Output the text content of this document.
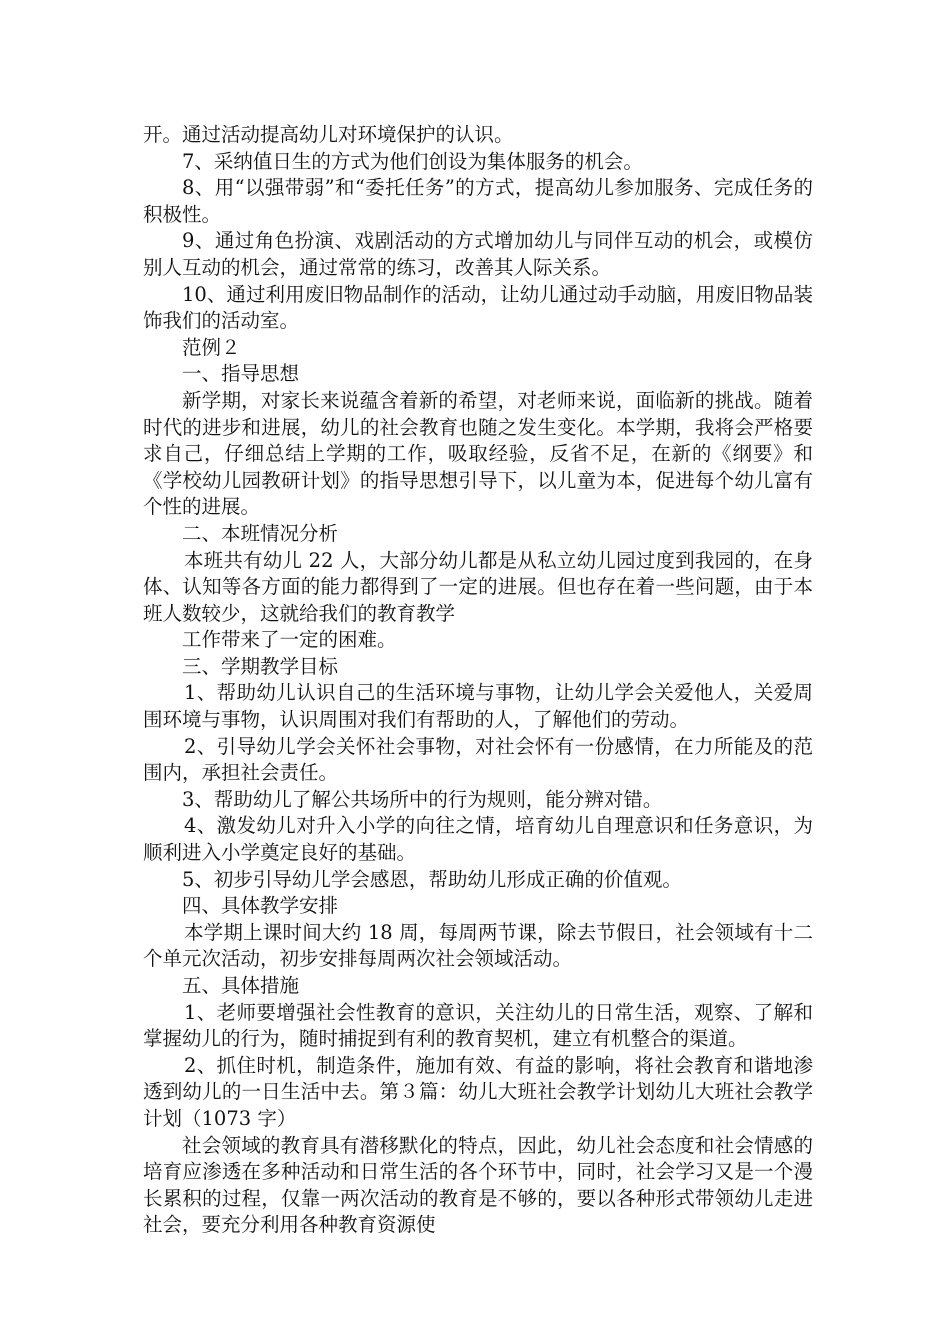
开。通过活动提高幼儿对环境保护的认识。

7、采纳值日生的方式为他们创设为集体服务的机会。

8、用“以强带弱”和“委托任务”的方式，提高幼儿参加服务、完成任务的积极性。

9、通过角色扮演、戏剧活动的方式增加幼儿与同伴互动的机会，或模仿别人互动的机会，通过常常的练习，改善其人际关系。

10、通过利用废旧物品制作的活动，让幼儿通过动手动脑，用废旧物品装饰我们的活动室。

范例２

一、指导思想

新学期，对家长来说蕴含着新的希望，对老师来说，面临新的挑战。随着时代的进步和进展，幼儿的社会教育也随之发生变化。本学期，我将会严格要求自己，仔细总结上学期的工作，吸取经验，反省不足，在新的《纲要》和《学校幼儿园教研计划》的指导思想引导下，以儿童为本，促进每个幼儿富有个性的进展。

二、本班情况分析

本班共有幼儿 22 人，大部分幼儿都是从私立幼儿园过度到我园的，在身体、认知等各方面的能力都得到了一定的进展。但也存在着一些问题，由于本班人数较少，这就给我们的教育教学

工作带来了一定的困难。

三、学期教学目标

1、帮助幼儿认识自己的生活环境与事物，让幼儿学会关爱他人，关爱周围环境与事物，认识周围对我们有帮助的人，了解他们的劳动。

2、引导幼儿学会关怀社会事物，对社会怀有一份感情，在力所能及的范围内，承担社会责任。

3、帮助幼儿了解公共场所中的行为规则，能分辨对错。

4、激发幼儿对升入小学的向往之情，培育幼儿自理意识和任务意识，为顺利进入小学奠定良好的基础。

5、初步引导幼儿学会感恩，帮助幼儿形成正确的价值观。

四、具体教学安排

本学期上课时间大约 18 周，每周两节课，除去节假日，社会领域有十二个单元次活动，初步安排每周两次社会领域活动。

五、具体措施

1、老师要增强社会性教育的意识，关注幼儿的日常生活，观察、了解和掌握幼儿的行为，随时捕捉到有利的教育契机，建立有机整合的渠道。

2、抓住时机，制造条件，施加有效、有益的影响，将社会教育和谐地渗透到幼儿的一日生活中去。第３篇：幼儿大班社会教学计划幼儿大班社会教学计划（1073 字）

社会领域的教育具有潜移默化的特点，因此，幼儿社会态度和社会情感的培育应渗透在多种活动和日常生活的各个环节中，同时，社会学习又是一个漫长累积的过程，仅靠一两次活动的教育是不够的，要以各种形式带领幼儿走进社会，要充分利用各种教育资源使
